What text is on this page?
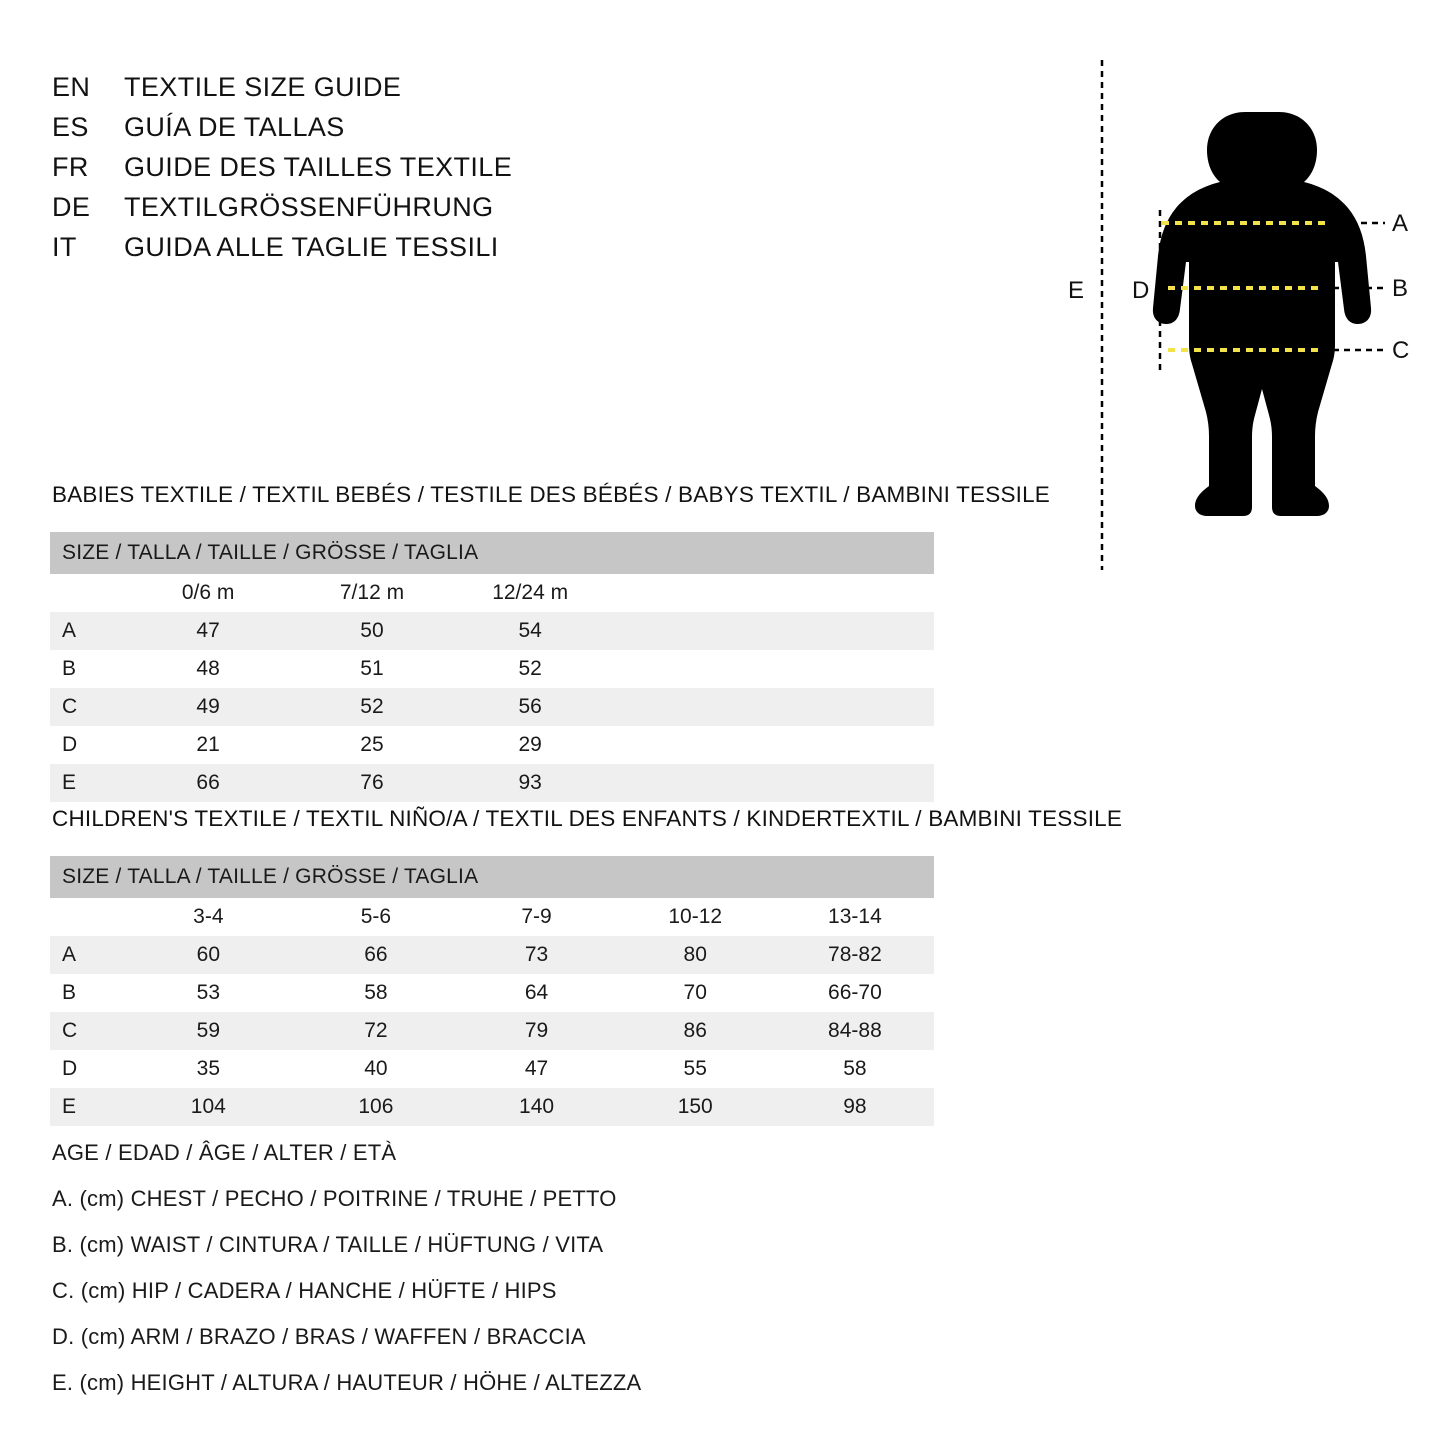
EN	TEXTILE SIZE GUIDE
ES	GUÍA DE TALLAS
FR	GUIDE DES TAILLES TEXTILE
DE	TEXTILGRÖSSENFÜHRUNG
IT	GUIDA ALLE TAGLIE TESSILI
A
B
C
D
E
BABIES TEXTILE / TEXTIL BEBÉS / TESTILE DES BÉBÉS / BABYS TEXTIL / BAMBINI TESSILE
SIZE / TALLA / TAILLE / GRÖSSE / TAGLIA				
	0/6 m	7/12 m	12/24 m	
A	47	50	54	
B	48	51	52	
C	49	52	56	
D	21	25	29	
E	66	76	93	
CHILDREN'S TEXTILE / TEXTIL NIÑO/A / TEXTIL DES ENFANTS / KINDERTEXTIL / BAMBINI TESSILE
SIZE / TALLA / TAILLE / GRÖSSE / TAGLIA					
	3-4	5-6	7-9	10-12	13-14
A	60	66	73	80	78-82
B	53	58	64	70	66-70
C	59	72	79	86	84-88
D	35	40	47	55	58
E	104	106	140	150	98
AGE / EDAD / ÂGE / ALTER / ETÀ
A. (cm) CHEST / PECHO / POITRINE / TRUHE / PETTO
B. (cm) WAIST / CINTURA / TAILLE / HÜFTUNG / VITA
C. (cm) HIP / CADERA / HANCHE / HÜFTE / HIPS
D. (cm) ARM / BRAZO / BRAS / WAFFEN / BRACCIA
E. (cm) HEIGHT / ALTURA / HAUTEUR / HÖHE / ALTEZZA
